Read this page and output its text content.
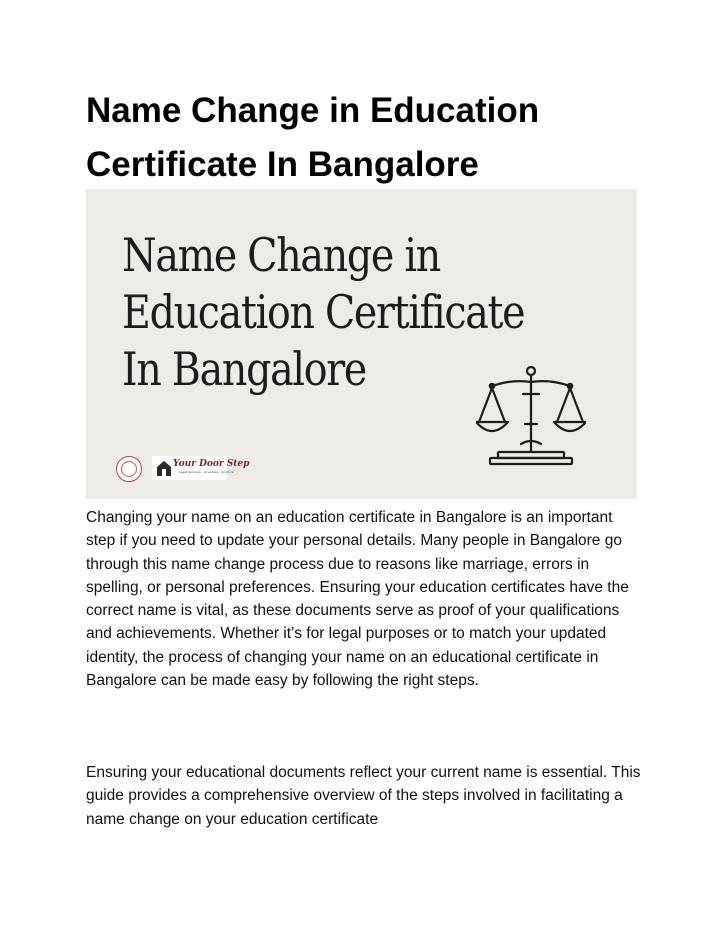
Name Change in Education Certificate In Bangalore
Name Change in
Education Certificate
In Bangalore
Your Door Step
Legal Services · Anywhere · Anytime

Changing your name on an education certificate in Bangalore is an important step if you need to update your personal details. Many people in Bangalore go through this name change process due to reasons like marriage, errors in spelling, or personal preferences. Ensuring your education certificates have the correct name is vital, as these documents serve as proof of your qualifications and achievements. Whether it’s for legal purposes or to match your updated identity, the process of changing your name on an educational certificate in Bangalore can be made easy by following the right steps.

Ensuring your educational documents reflect your current name is essential. This guide provides a comprehensive overview of the steps involved in facilitating a name change on your education certificate
